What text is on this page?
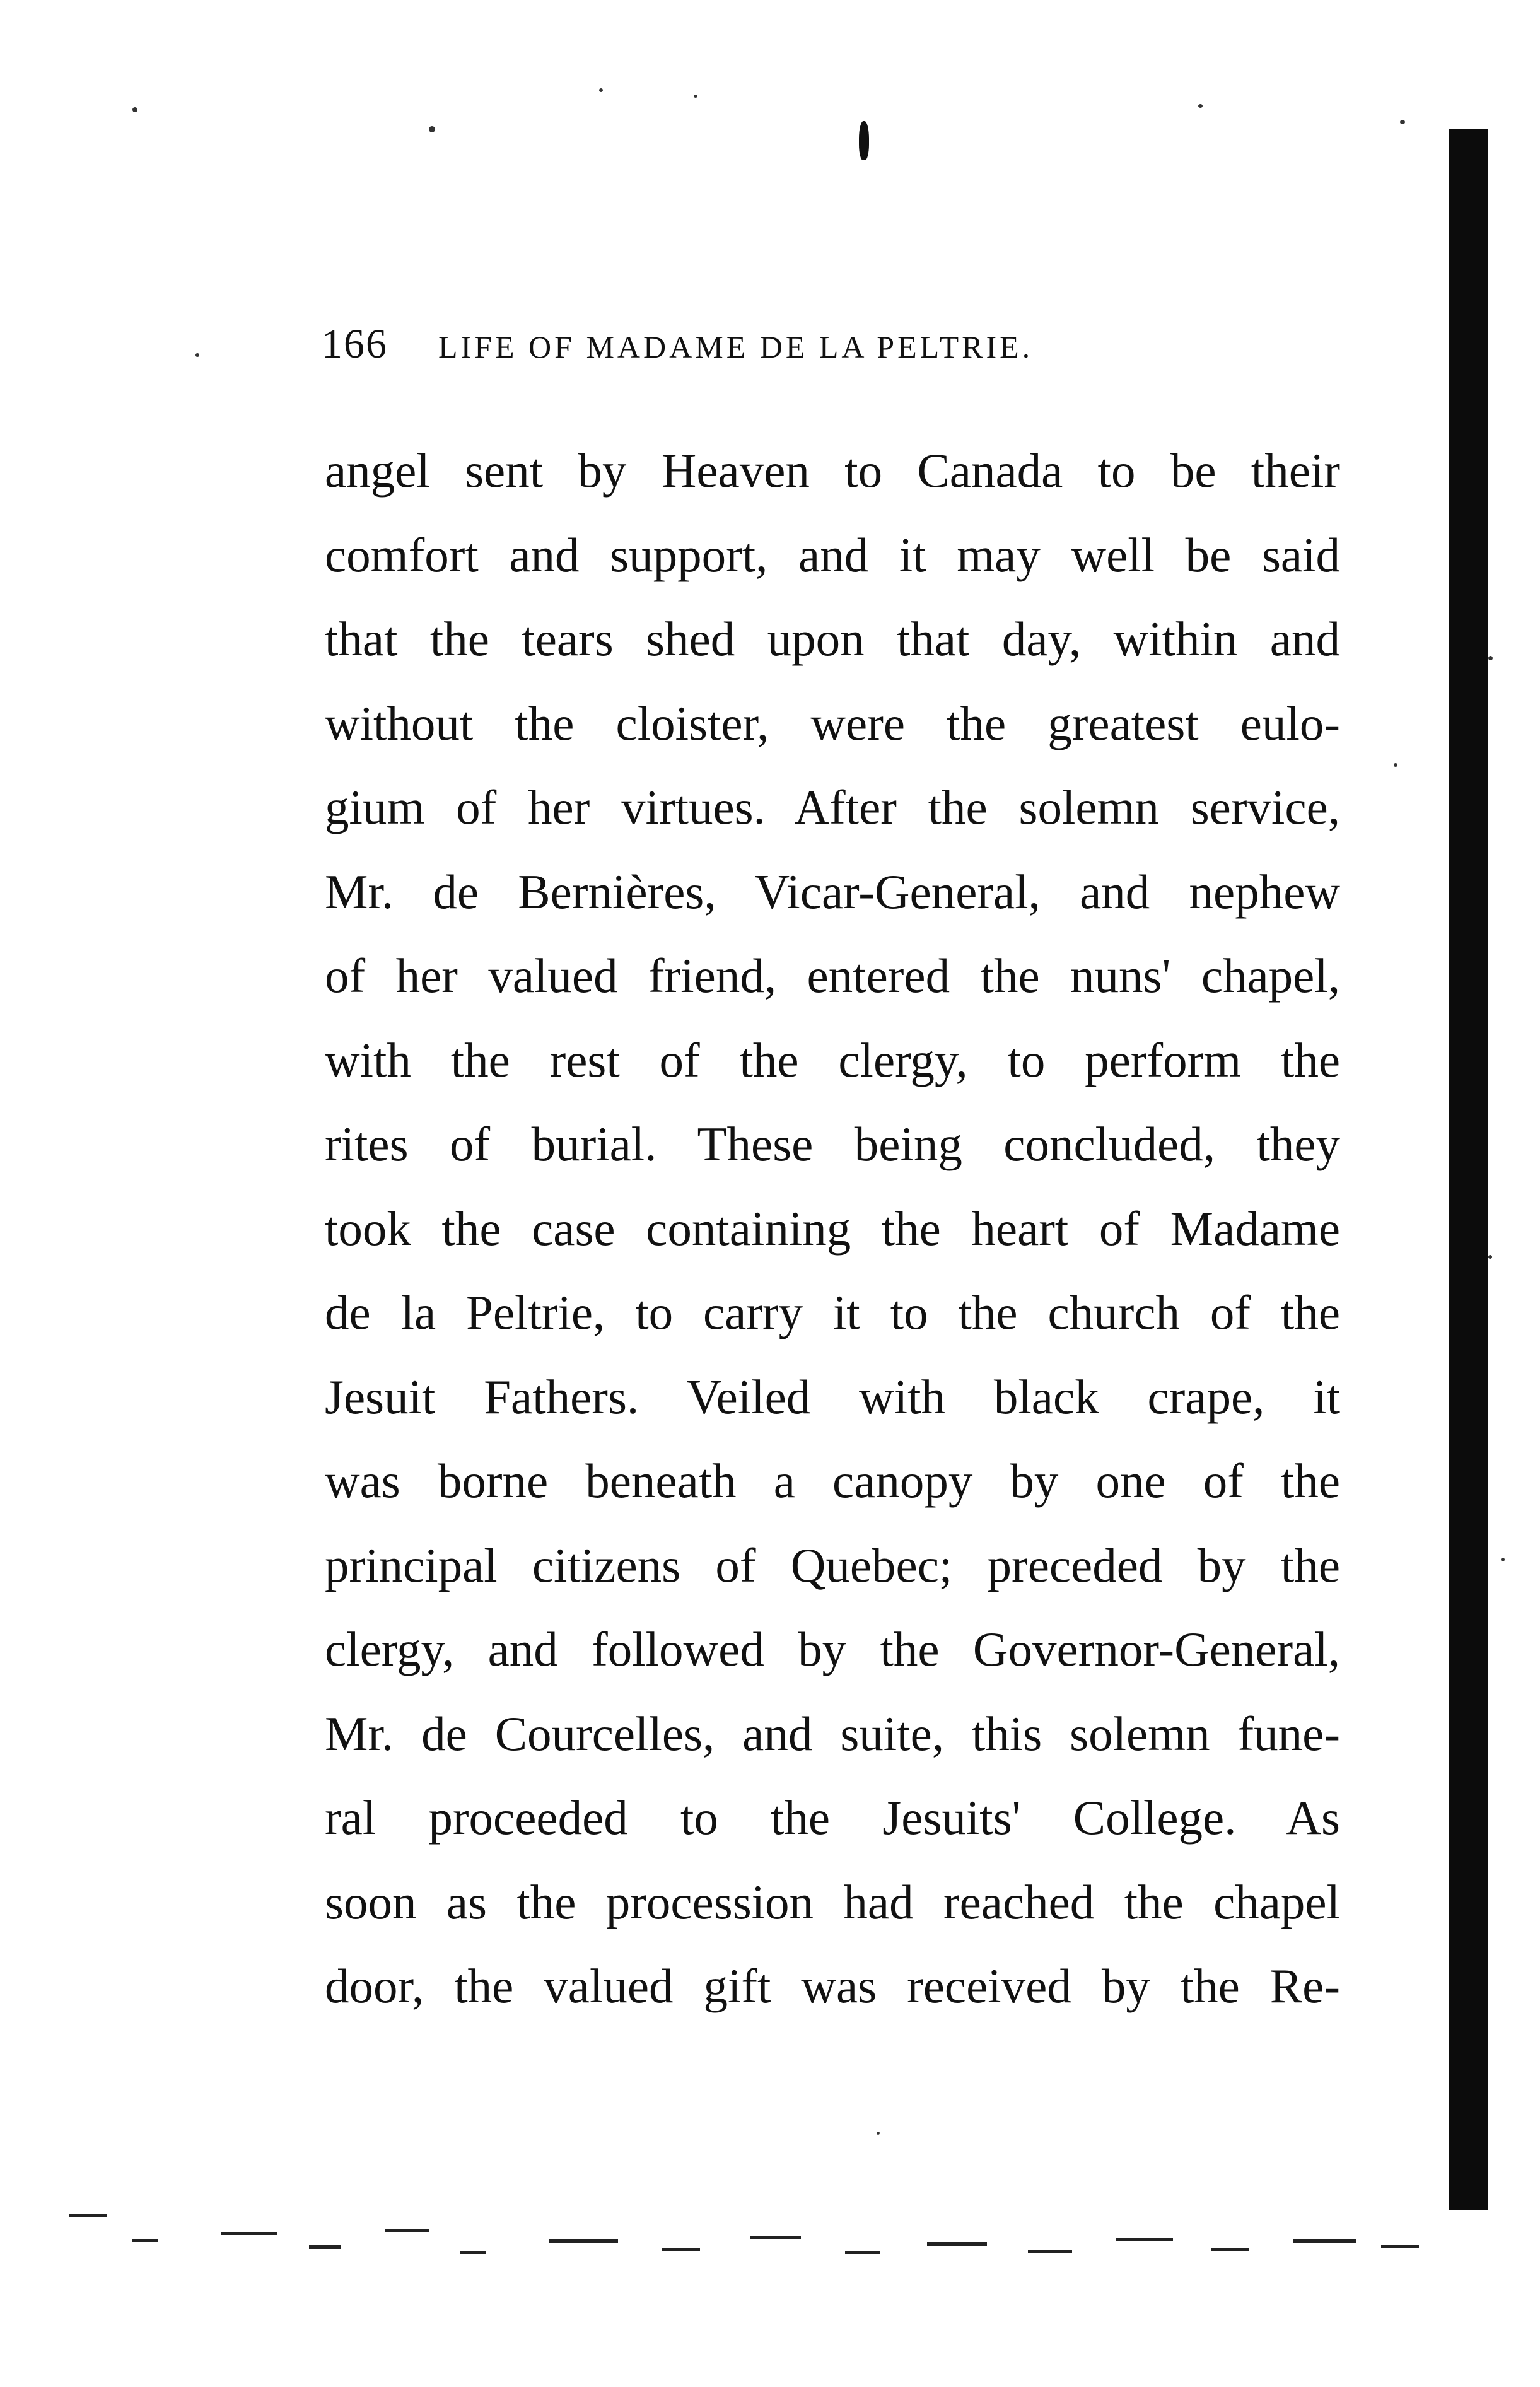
166 LIFE OF MADAME DE LA PELTRIE.
angel sent by Heaven to Canada to be their
comfort and support, and it may well be said
that the tears shed upon that day, within and
without the cloister, were the greatest eulo-
gium of her virtues. After the solemn service,
Mr. de Bernières, Vicar-General, and nephew
of her valued friend, entered the nuns' chapel,
with the rest of the clergy, to perform the
rites of burial. These being concluded, they
took the case containing the heart of Madame
de la Peltrie, to carry it to the church of the
Jesuit Fathers. Veiled with black crape, it
was borne beneath a canopy by one of the
principal citizens of Quebec; preceded by the
clergy, and followed by the Governor-General,
Mr. de Courcelles, and suite, this solemn fune-
ral proceeded to the Jesuits' College. As
soon as the procession had reached the chapel
door, the valued gift was received by the Re-
